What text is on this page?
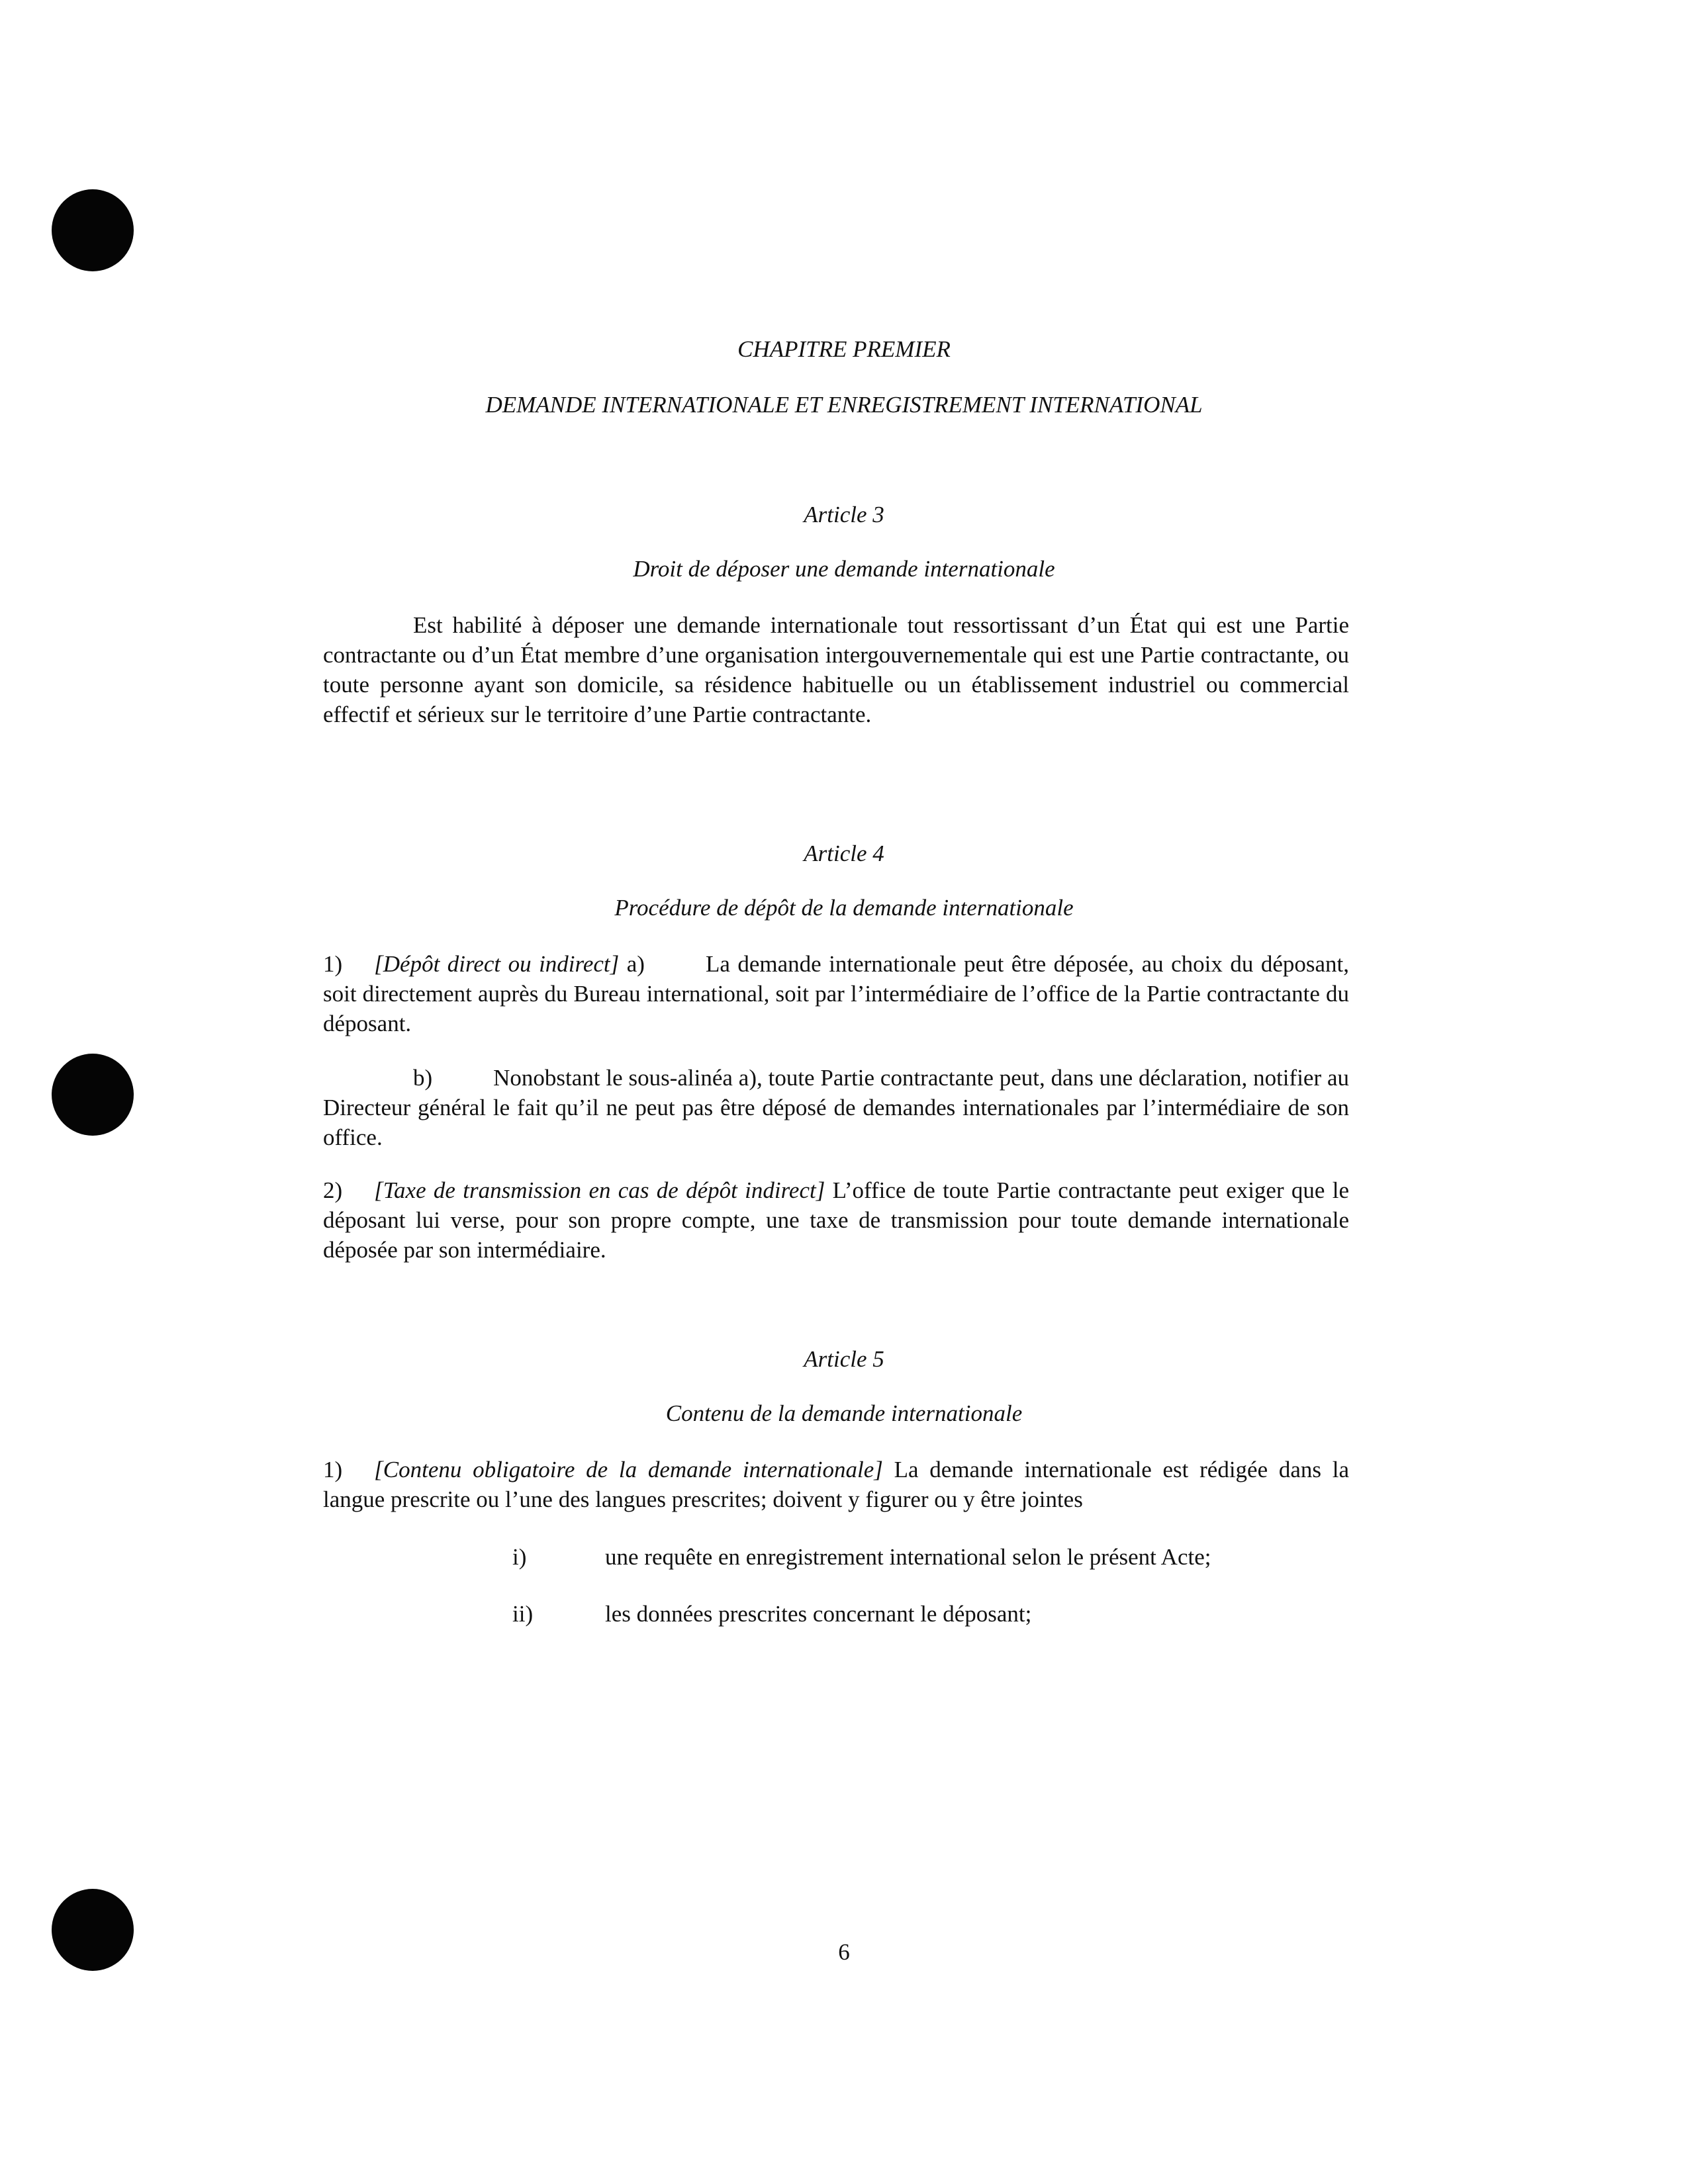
CHAPITRE PREMIER
DEMANDE INTERNATIONALE ET ENREGISTREMENT INTERNATIONAL
Article 3
Droit de déposer une demande internationale
Est habilité à déposer une demande internationale tout ressortissant d’un État qui est une Partie contractante ou d’un État membre d’une organisation intergouvernementale qui est une Partie contractante, ou toute personne ayant son domicile, sa résidence habituelle ou un établissement industriel ou commercial effectif et sérieux sur le territoire d’une Partie contractante.
Article 4
Procédure de dépôt de la demande internationale
1) [Dépôt direct ou indirect] a)	La demande internationale peut être déposée, au choix du déposant, soit directement auprès du Bureau international, soit par l’intermédiaire de l’office de la Partie contractante du déposant.
b)	Nonobstant le sous-alinéa a), toute Partie contractante peut, dans une déclaration, notifier au Directeur général le fait qu’il ne peut pas être déposé de demandes internationales par l’intermédiaire de son office.
2) [Taxe de transmission en cas de dépôt indirect] L’office de toute Partie contractante peut exiger que le déposant lui verse, pour son propre compte, une taxe de transmission pour toute demande internationale déposée par son intermédiaire.
Article 5
Contenu de la demande internationale
1) [Contenu obligatoire de la demande internationale] La demande internationale est rédigée dans la langue prescrite ou l’une des langues prescrites; doivent y figurer ou y être jointes
i)	une requête en enregistrement international selon le présent Acte;
ii)	les données prescrites concernant le déposant;
6
